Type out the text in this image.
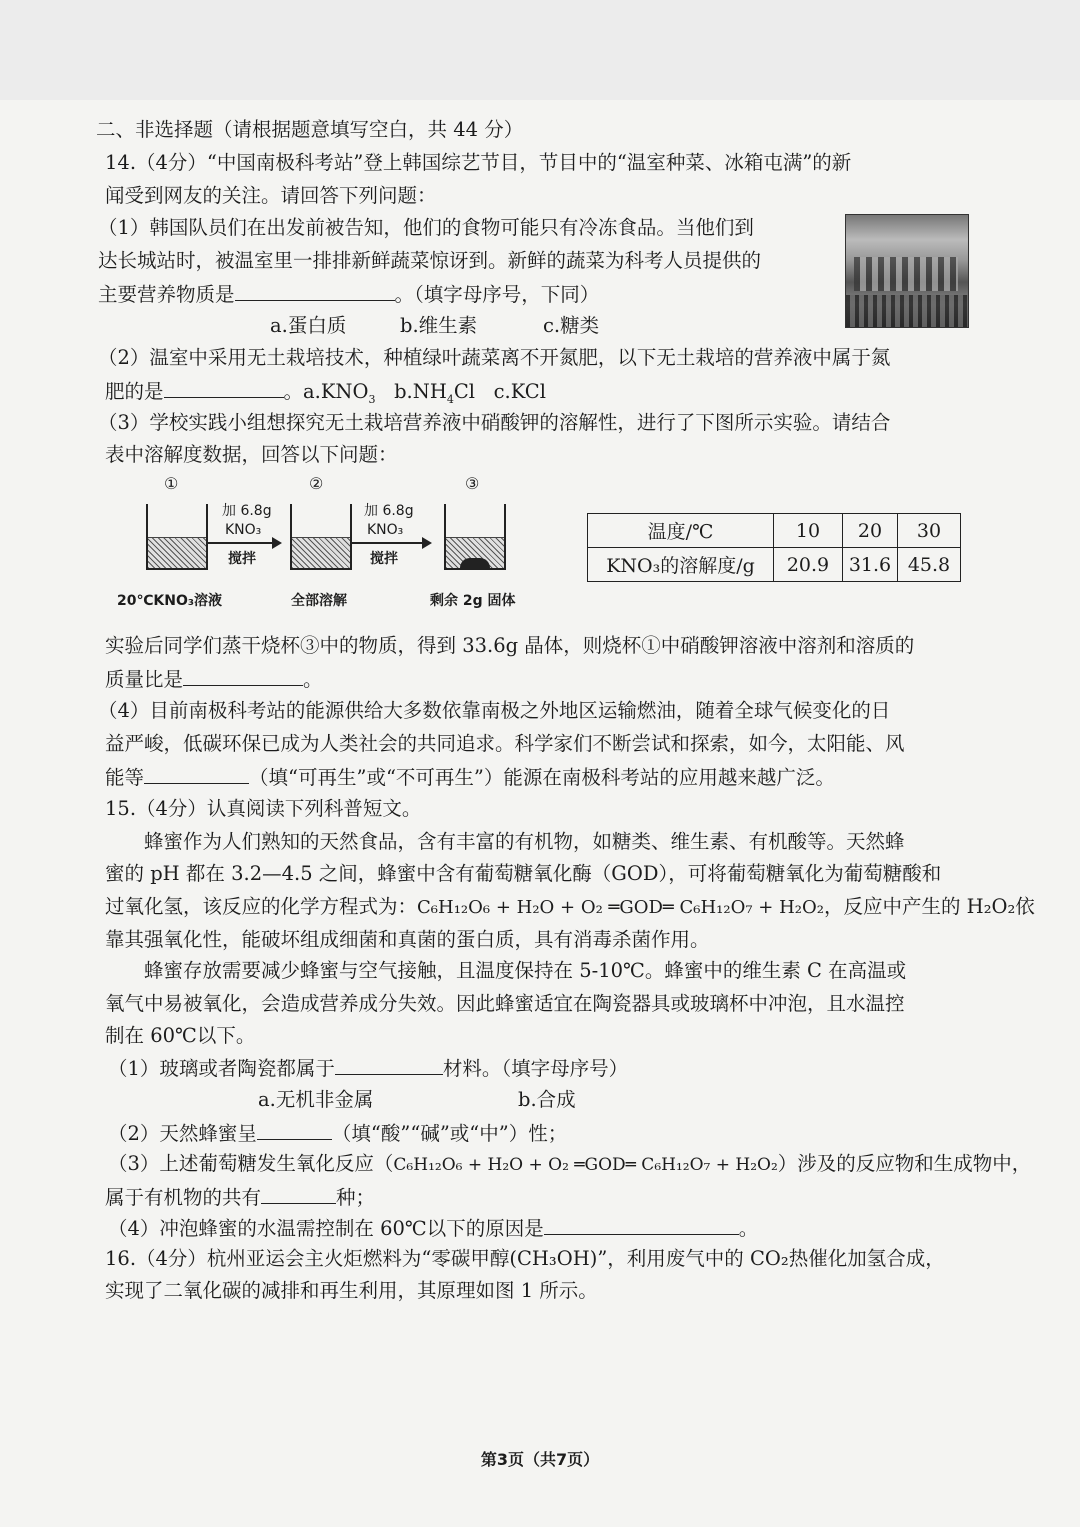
二、非选择题（请根据题意填写空白，共 44 分）
14.（4分）“中国南极科考站”登上韩国综艺节目，节目中的“温室种菜、冰箱屯满”的新
闻受到网友的关注。请回答下列问题：
（1）韩国队员们在出发前被告知，他们的食物可能只有冷冻食品。当他们到
达长城站时，被温室里一排排新鲜蔬菜惊讶到。新鲜的蔬菜为科考人员提供的
主要营养物质是	。（填字母序号，下同）
a.蛋白质	b.维生素	c.糖类
（2）温室中采用无土栽培技术，种植绿叶蔬菜离不开氮肥，以下无土栽培的营养液中属于氮
肥的是	。$a.KNO_3$ $b.NH_4Cl$ c.KCl
（3）学校实践小组想探究无土栽培营养液中硝酸钾的溶解性，进行了下图所示实验。请结合
表中溶解度数据，回答以下问题：
①	②	③
加 6.8g
KNO₃
搅拌
加 6.8g
KNO₃
搅拌
20℃KNO₃溶液	全部溶解	剩余 2g 固体
温度/℃	10	20	30
KNO₃的溶解度/g	20.9	31.6	45.8
实验后同学们蒸干烧杯③中的物质，得到 33.6g 晶体，则烧杯①中硝酸钾溶液中溶剂和溶质的
质量比是	。
（4）目前南极科考站的能源供给大多数依靠南极之外地区运输燃油，随着全球气候变化的日
益严峻，低碳环保已成为人类社会的共同追求。科学家们不断尝试和探索，如今，太阳能、风
能等	（填“可再生”或“不可再生”）能源在南极科考站的应用越来越广泛。
15.（4分）认真阅读下列科普短文。
蜂蜜作为人们熟知的天然食品，含有丰富的有机物，如糖类、维生素、有机酸等。天然蜂
蜜的 pH 都在 3.2—4.5 之间，蜂蜜中含有葡萄糖氧化酶（GOD），可将葡萄糖氧化为葡萄糖酸和
过氧化氢，该反应的化学方程式为：C₆H₁₂O₆ + H₂O + O₂ ═GOD═ C₆H₁₂O₇ + H₂O₂，反应中产生的 H₂O₂依
靠其强氧化性，能破坏组成细菌和真菌的蛋白质，具有消毒杀菌作用。
蜂蜜存放需要减少蜂蜜与空气接触，且温度保持在 5-10℃。蜂蜜中的维生素 C 在高温或
氧气中易被氧化，会造成营养成分失效。因此蜂蜜适宜在陶瓷器具或玻璃杯中冲泡，且水温控
制在 60℃以下。
（1）玻璃或者陶瓷都属于	材料。（填字母序号）
a.无机非金属	b.合成
（2）天然蜂蜜呈	（填“酸”“碱”或“中”）性；
（3）上述葡萄糖发生氧化反应（C₆H₁₂O₆ + H₂O + O₂ ═GOD═ C₆H₁₂O₇ + H₂O₂）涉及的反应物和生成物中，
属于有机物的共有	种；
（4）冲泡蜂蜜的水温需控制在 60℃以下的原因是	。
16.（4分）杭州亚运会主火炬燃料为“零碳甲醇(CH₃OH)”，利用废气中的 CO₂热催化加氢合成，
实现了二氧化碳的减排和再生利用，其原理如图 1 所示。
第3页（共7页）
